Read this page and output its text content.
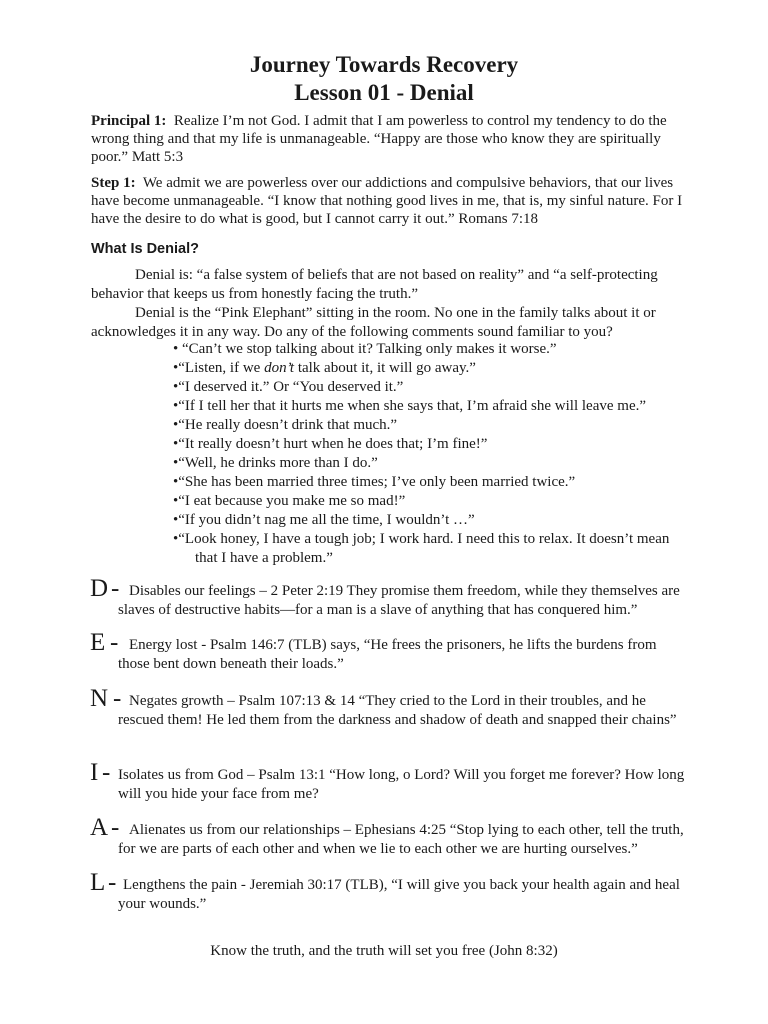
Journey Towards Recovery
Lesson 01 - Denial
Principal 1: Realize I’m not God. I admit that I am powerless to control my tendency to do the wrong thing and that my life is unmanageable. “Happy are those who know they are spiritually poor.” Matt 5:3
Step 1: We admit we are powerless over our addictions and compulsive behaviors, that our lives have become unmanageable. “I know that nothing good lives in me, that is, my sinful nature. For I have the desire to do what is good, but I cannot carry it out.” Romans 7:18
What Is Denial?
Denial is: “a false system of beliefs that are not based on reality” and “a self-protecting behavior that keeps us from honestly facing the truth.”
Denial is the “Pink Elephant” sitting in the room. No one in the family talks about it or acknowledges it in any way. Do any of the following comments sound familiar to you?
• “Can’t we stop talking about it? Talking only makes it worse.”
•“Listen, if we don’t talk about it, it will go away.”
•“I deserved it.” Or “You deserved it.”
•“If I tell her that it hurts me when she says that, I’m afraid she will leave me.”
•“He really doesn’t drink that much.”
•“It really doesn’t hurt when he does that; I’m fine!”
•“Well, he drinks more than I do.”
•“She has been married three times; I’ve only been married twice.”
•“I eat because you make me so mad!”
•“If you didn’t nag me all the time, I wouldn’t …”
•“Look honey, I have a tough job; I work hard. I need this to relax. It doesn’t mean
that I have a problem.”
D - Disables our feelings – 2 Peter 2:19 They promise them freedom, while they themselves are slaves of destructive habits—for a man is a slave of anything that has conquered him.”
E - Energy lost - Psalm 146:7 (TLB) says, “He frees the prisoners, he lifts the burdens from those bent down beneath their loads.”
N - Negates growth – Psalm 107:13 & 14 “They cried to the Lord in their troubles, and he rescued them! He led them from the darkness and shadow of death and snapped their chains”
I - Isolates us from God – Psalm 13:1 “How long, o Lord? Will you forget me forever? How long will you hide your face from me?
A - Alienates us from our relationships – Ephesians 4:25 “Stop lying to each other, tell the truth, for we are parts of each other and when we lie to each other we are hurting ourselves.”
L - Lengthens the pain - Jeremiah 30:17 (TLB), “I will give you back your health again and heal your wounds.”
Know the truth, and the truth will set you free (John 8:32)
